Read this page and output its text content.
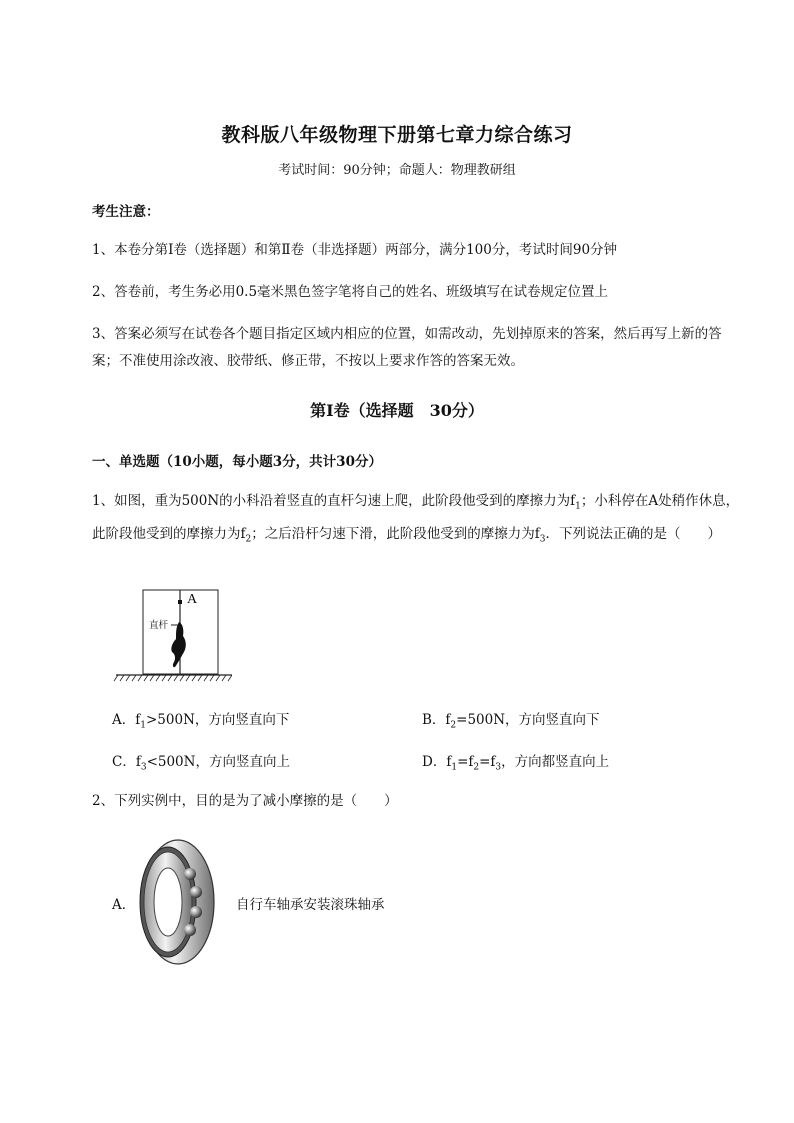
教科版八年级物理下册第七章力综合练习
考试时间：90分钟；命题人：物理教研组
考生注意：
1、本卷分第Ⅰ卷（选择题）和第Ⅱ卷（非选择题）两部分，满分100分，考试时间90分钟
2、答卷前，考生务必用0.5毫米黑色签字笔将自己的姓名、班级填写在试卷规定位置上
3、答案必须写在试卷各个题目指定区域内相应的位置，如需改动，先划掉原来的答案，然后再写上新的答案；不准使用涂改液、胶带纸、修正带，不按以上要求作答的答案无效。
第Ⅰ卷（选择题　30分）
一、单选题（10小题，每小题3分，共计30分）
1、如图，重为500N的小科沿着竖直的直杆匀速上爬，此阶段他受到的摩擦力为$f_1$；小科停在A处稍作休息，此阶段他受到的摩擦力为$f_2$；之后沿杆匀速下滑，此阶段他受到的摩擦力为$f_3$．下列说法正确的是（　　）
A
直杆
A．$f_1>500N$，方向竖直向下	B．$f_2=500N$，方向竖直向下
C．$f_3<500N$，方向竖直向上	D．$f_1=f_2=f_3$，方向都竖直向上
2、下列实例中，目的是为了减小摩擦的是（　　）
A．	自行车轴承安装滚珠轴承
